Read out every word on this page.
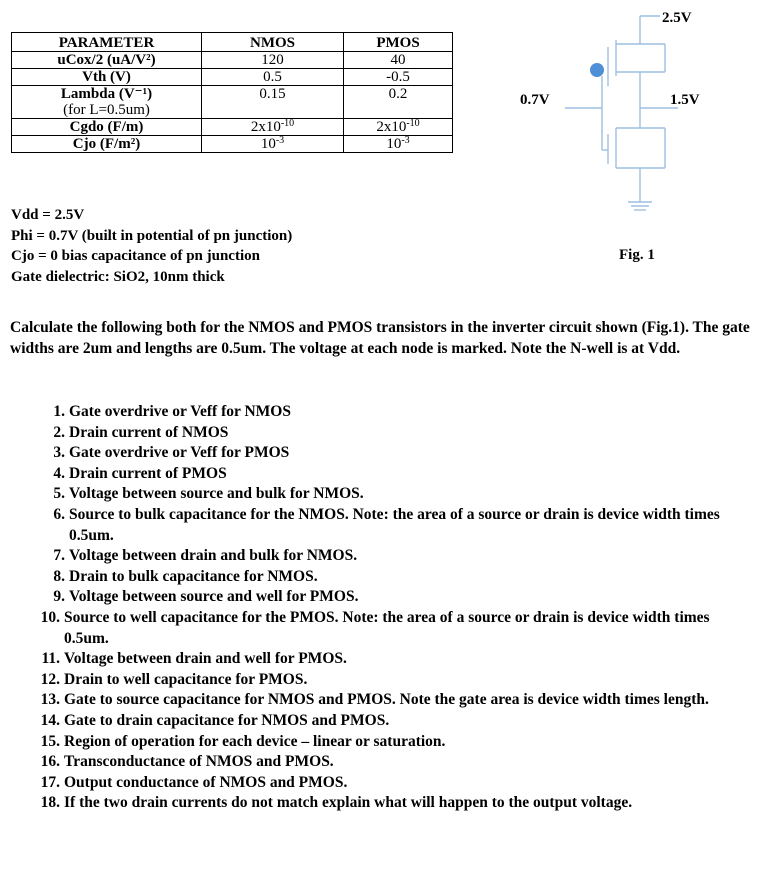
PARAMETER	NMOS	PMOS
uCox/2 (uA/V²)	120	40
Vth (V)	0.5	-0.5

Lambda (V⁻¹)
(for L=0.5um)	0.15	0.2
Cgdo (F/m)	$2x10^{-10}$	$2x10^{-10}$
Cjo (F/m²)	$10^{-3}$	$10^{-3}$
Vdd = 2.5V
Phi = 0.7V (built in potential of pn junction)
Cjo = 0 bias capacitance of pn junction
Gate dielectric: SiO2, 10nm thick
2.5V
0.7V	1.5V
Fig. 1
Calculate the following both for the NMOS and PMOS transistors in the inverter circuit shown (Fig.1). The gate widths are 2um and lengths are 0.5um. The voltage at each node is marked. Note the N-well is at Vdd.
1. Gate overdrive or Veff for NMOS
2. Drain current of NMOS
3. Gate overdrive or Veff for PMOS
4. Drain current of PMOS
5. Voltage between source and bulk for NMOS.
6. Source to bulk capacitance for the NMOS. Note: the area of a source or drain is device width times 0.5um.
7. Voltage between drain and bulk for NMOS.
8. Drain to bulk capacitance for NMOS.
9. Voltage between source and well for PMOS.
10. Source to well capacitance for the PMOS. Note: the area of a source or drain is device width times 0.5um.
11. Voltage between drain and well for PMOS.
12. Drain to well capacitance for PMOS.
13. Gate to source capacitance for NMOS and PMOS. Note the gate area is device width times length.
14. Gate to drain capacitance for NMOS and PMOS.
15. Region of operation for each device – linear or saturation.
16. Transconductance of NMOS and PMOS.
17. Output conductance of NMOS and PMOS.
18. If the two drain currents do not match explain what will happen to the output voltage.
